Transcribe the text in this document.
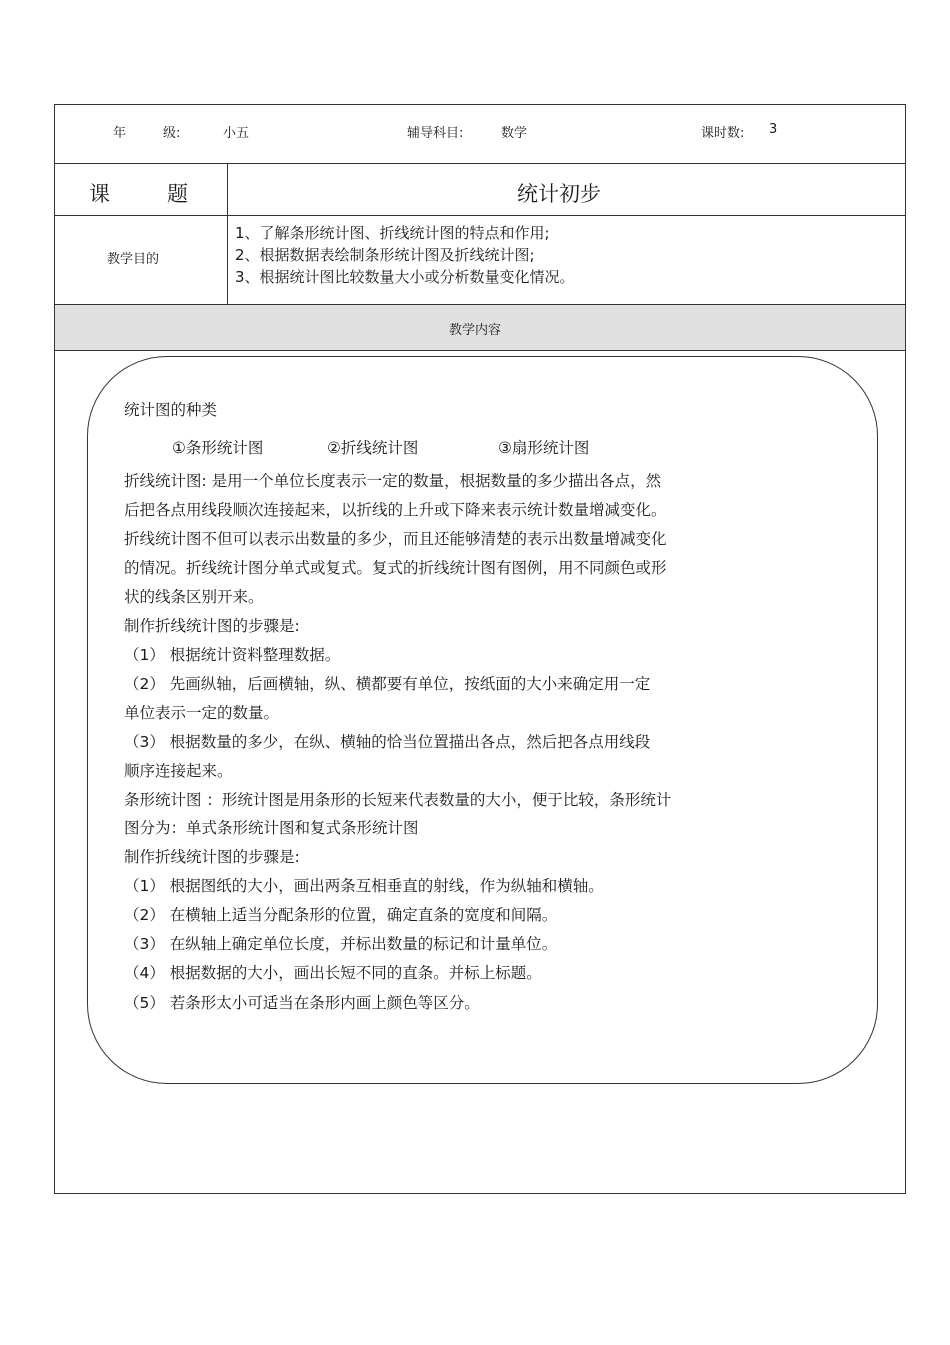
年	级:	小五	辅导科目:	数学	课时数: 3
课	题	统计初步
教学目的
1、了解条形统计图、折线统计图的特点和作用;
2、根据数据表绘制条形统计图及折线统计图;
3、根据统计图比较数量大小或分析数量变化情况。
教学内容
统计图的种类
①条形统计图	②折线统计图	③扇形统计图
折线统计图: 是用一个单位长度表示一定的数量，根据数量的多少描出各点，然
后把各点用线段顺次连接起来，以折线的上升或下降来表示统计数量增减变化。
折线统计图不但可以表示出数量的多少，而且还能够清楚的表示出数量增减变化
的情况。折线统计图分单式或复式。复式的折线统计图有图例，用不同颜色或形
状的线条区别开来。
制作折线统计图的步骤是:
（1） 根据统计资料整理数据。
（2） 先画纵轴，后画横轴，纵、横都要有单位，按纸面的大小来确定用一定
单位表示一定的数量。
（3） 根据数量的多少，在纵、横轴的恰当位置描出各点，然后把各点用线段
顺序连接起来。
条形统计图 ：形统计图是用条形的长短来代表数量的大小，便于比较，条形统计
图分为：单式条形统计图和复式条形统计图
制作折线统计图的步骤是:
（1） 根据图纸的大小，画出两条互相垂直的射线，作为纵轴和横轴。
（2） 在横轴上适当分配条形的位置，确定直条的宽度和间隔。
（3） 在纵轴上确定单位长度，并标出数量的标记和计量单位。
（4） 根据数据的大小，画出长短不同的直条。并标上标题。
（5） 若条形太小可适当在条形内画上颜色等区分。
